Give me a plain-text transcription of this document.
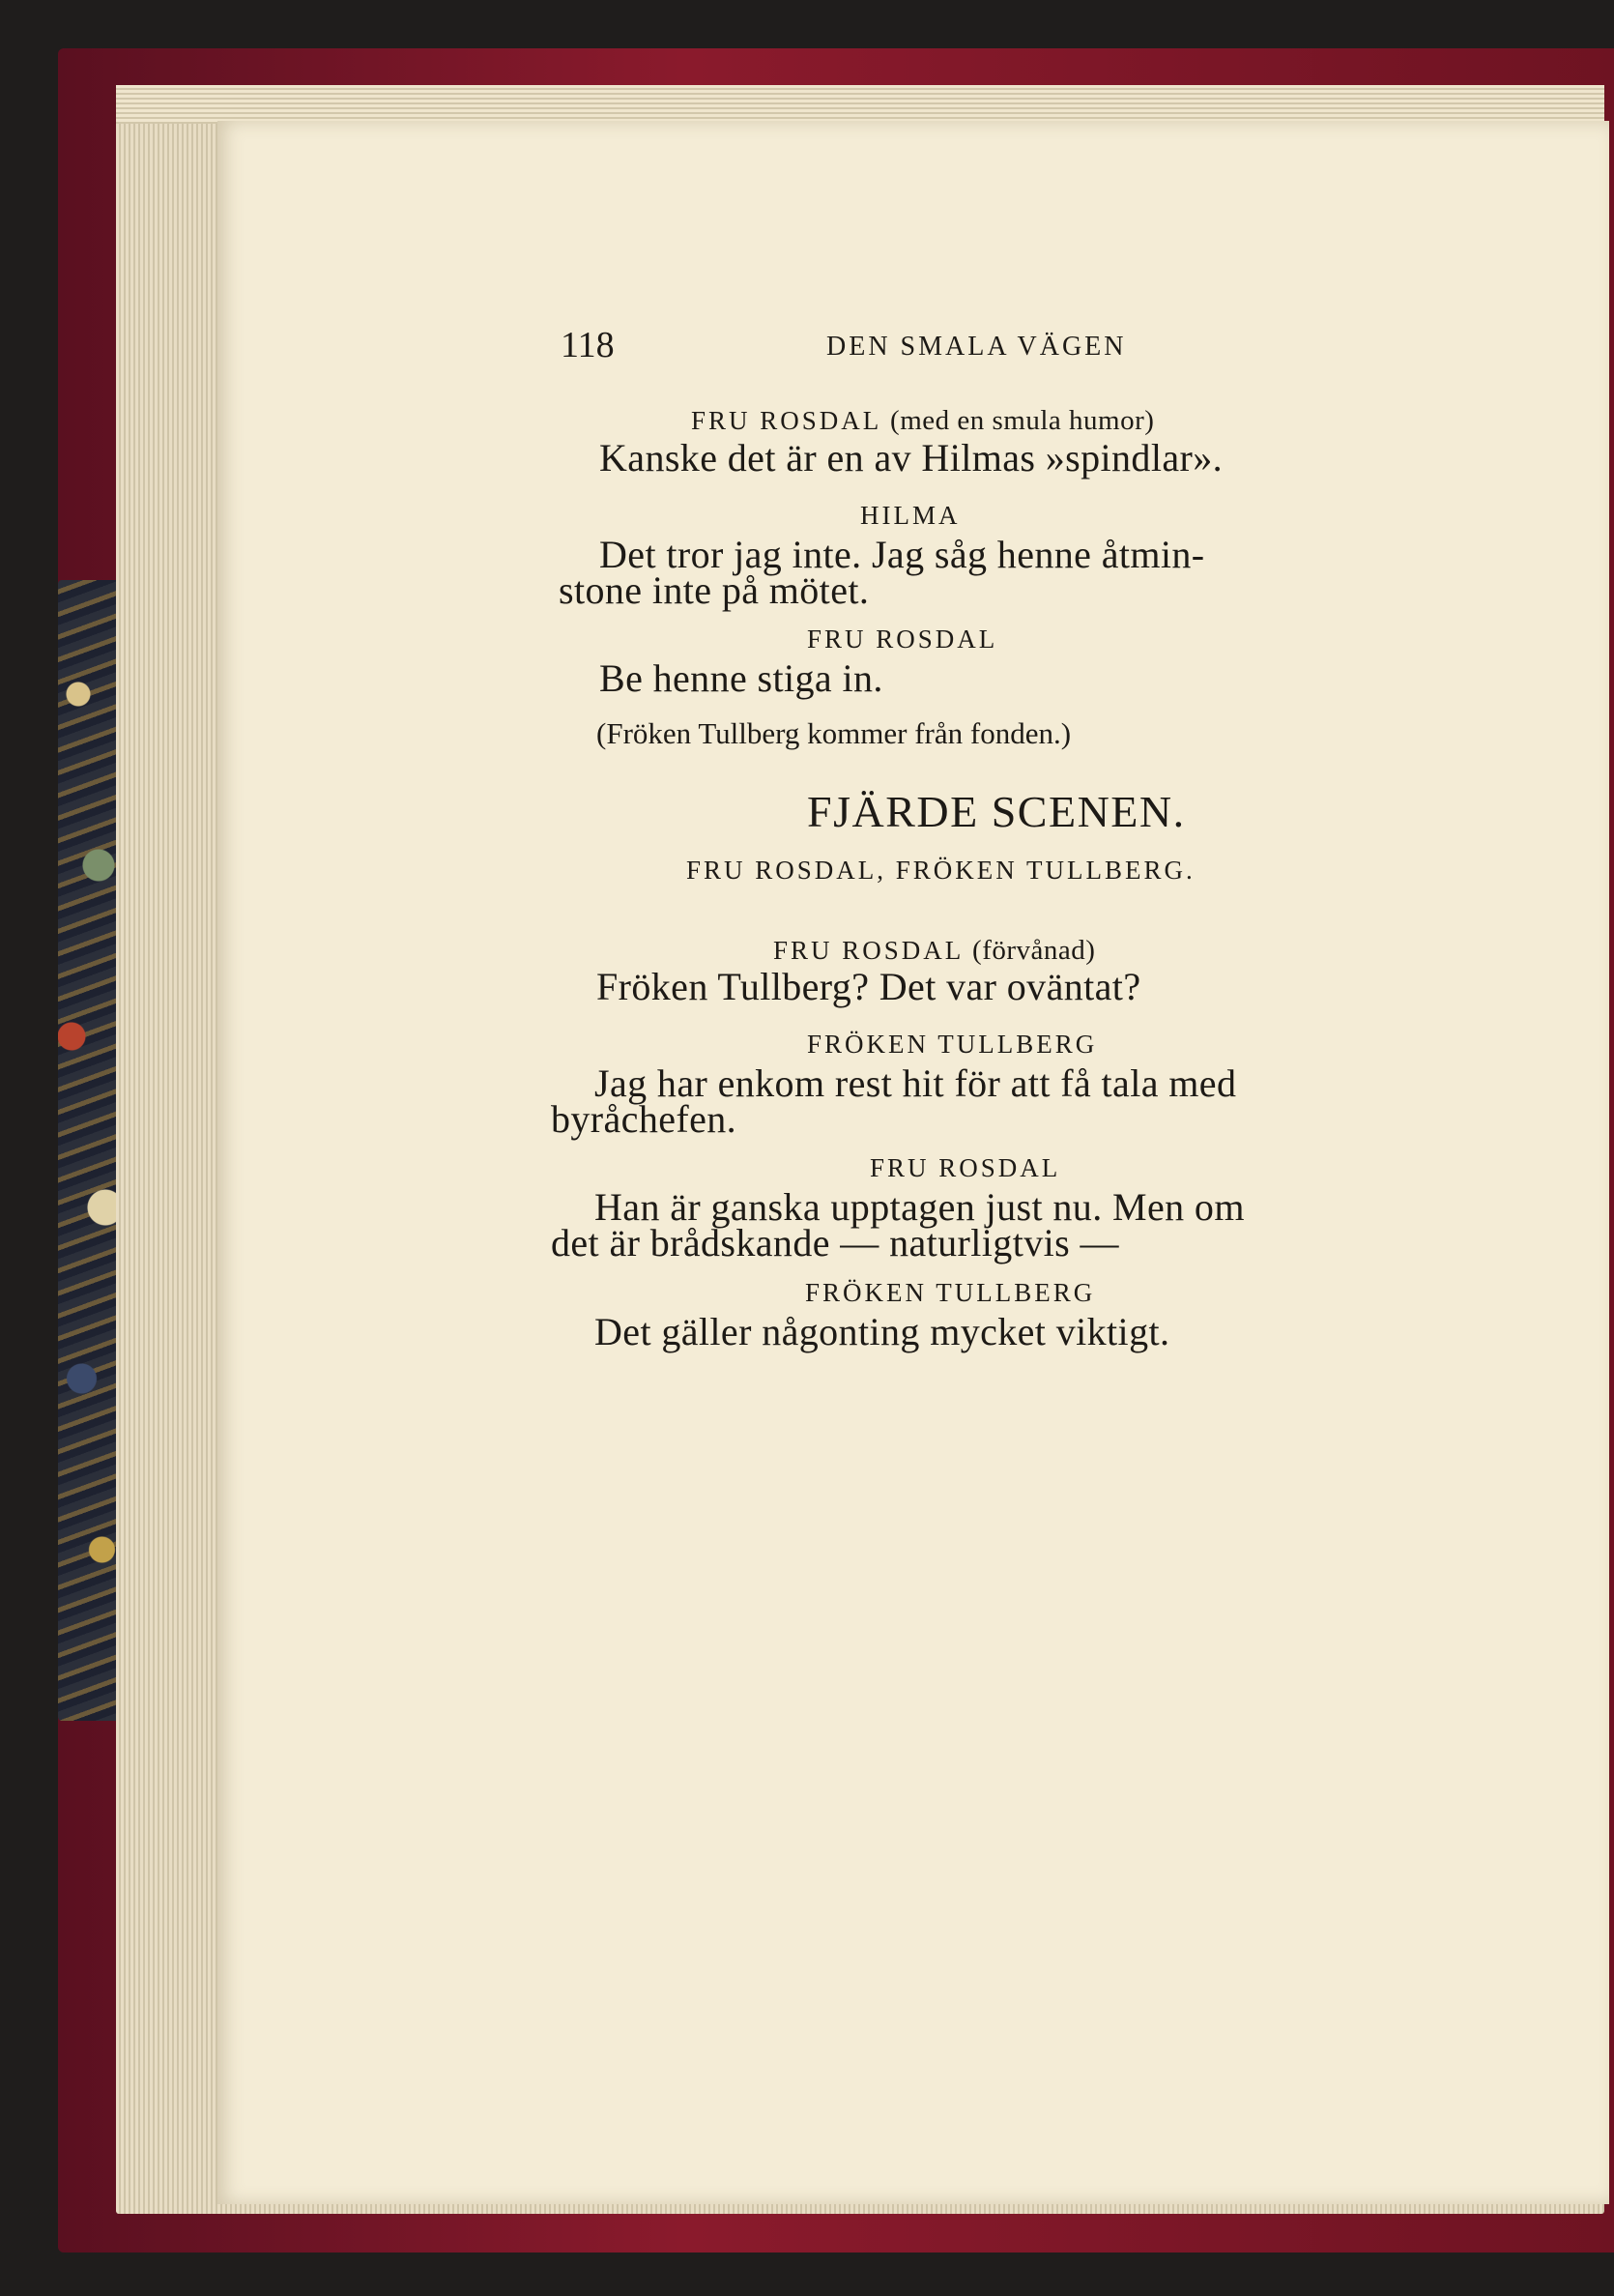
118	DEN SMALA VÄGEN
FRU ROSDAL (med en smula humor)
Kanske det är en av Hilmas »spindlar».
HILMA
Det tror jag inte. Jag såg henne åtmin-
stone inte på mötet.
FRU ROSDAL
Be henne stiga in.
(Fröken Tullberg kommer från fonden.)
FJÄRDE SCENEN.
FRU ROSDAL, FRÖKEN TULLBERG.
FRU ROSDAL (förvånad)
Fröken Tullberg? Det var oväntat?
FRÖKEN TULLBERG
Jag har enkom rest hit för att få tala med
byråchefen.
FRU ROSDAL
Han är ganska upptagen just nu. Men om
det är brådskande — naturligtvis —
FRÖKEN TULLBERG
Det gäller någonting mycket viktigt.
